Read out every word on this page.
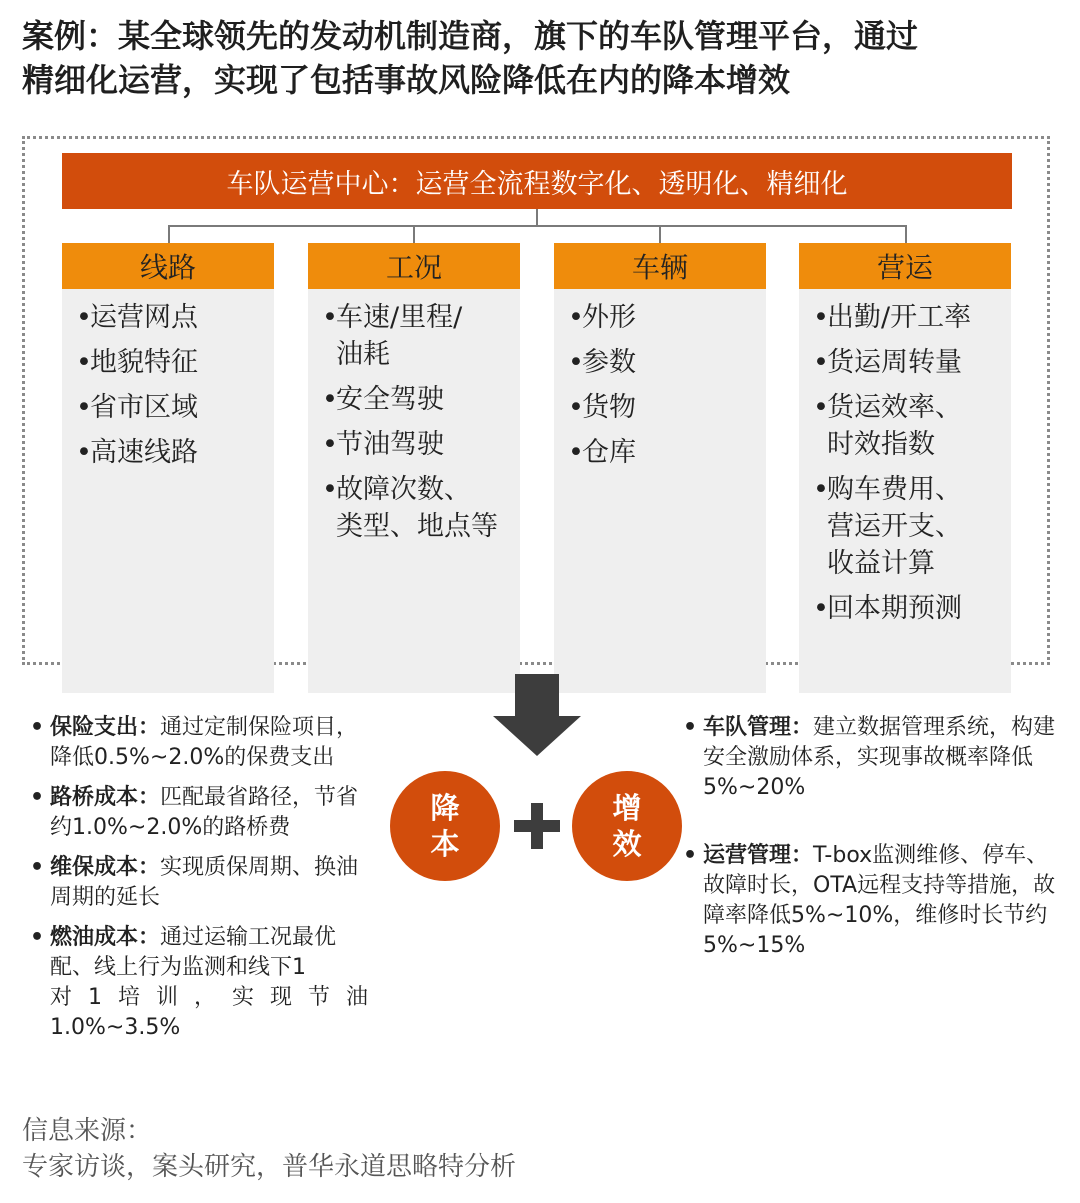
案例：某全球领先的发动机制造商，旗下的车队管理平台，通过
精细化运营，实现了包括事故风险降低在内的降本增效
车队运营中心：运营全流程数字化、透明化、精细化
线路
• 运营网点
• 地貌特征
• 省市区域
• 高速线路
工况
• 车速/里程/
油耗
• 安全驾驶
• 节油驾驶
• 故障次数、
类型、地点等
车辆
• 外形
• 参数
• 货物
• 仓库
营运
• 出勤/开工率
• 货运周转量
• 货运效率、
时效指数
• 购车费用、
营运开支、
收益计算
• 回本期预测
降
本
增
效
• 保险支出：通过定制保险项目，降低0.5%~2.0%的保费支出
• 路桥成本：匹配最省路径，节省约1.0%~2.0%的路桥费
• 维保成本：实现质保周期、换油周期的延长
• 燃油成本：通过运输工况最优配、线上行为监测和线下1
对 1 培 训 ， 实 现 节 油
1.0%~3.5%
• 车队管理：建立数据管理系统，构建安全激励体系，实现事故概率降低5%~20%
• 运营管理：T-box监测维修、停车、故障时长，OTA远程支持等措施，故障率降低5%~10%，维修时长节约5%~15%
信息来源：
专家访谈，案头研究，普华永道思略特分析
